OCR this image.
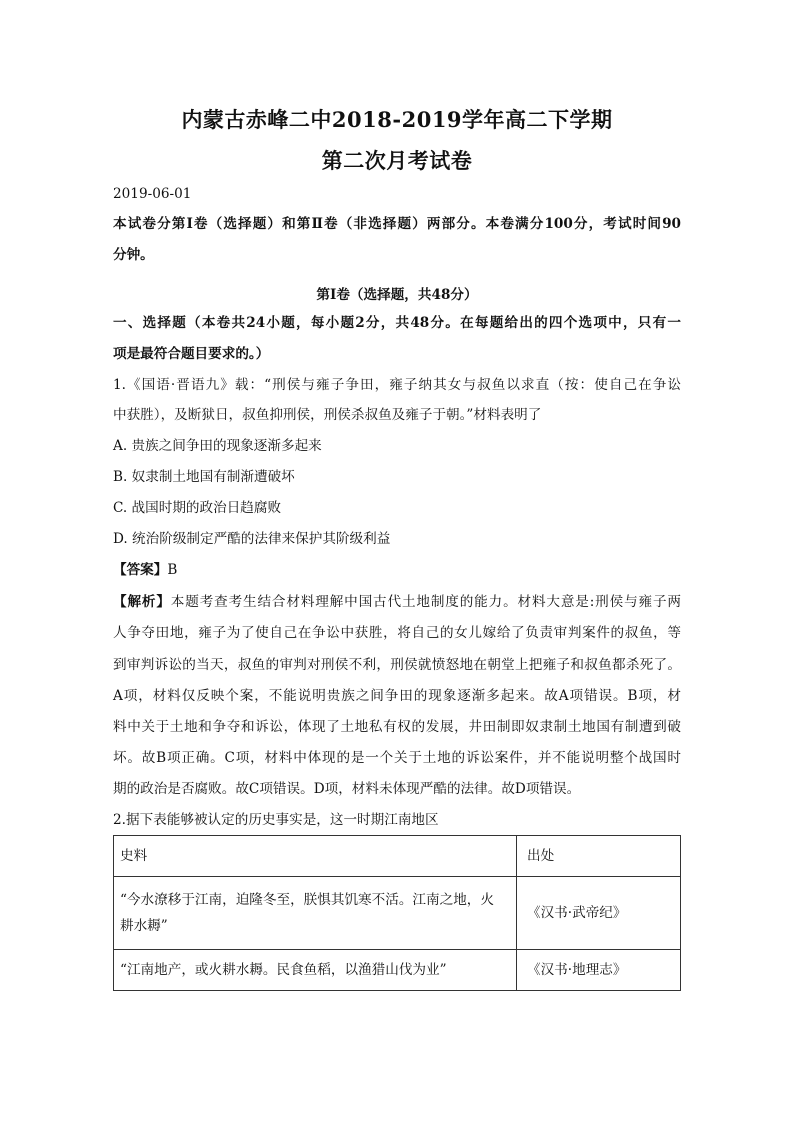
内蒙古赤峰二中2018-2019学年高二下学期
第二次月考试卷
2019-06-01
本试卷分第Ⅰ卷（选择题）和第Ⅱ卷（非选择题）两部分。本卷满分100分，考试时间90
分钟。
第Ⅰ卷（选择题，共48分）
一、选择题（本卷共24小题，每小题2分，共48分。在每题给出的四个选项中，只有一
项是最符合题目要求的。）
1.《国语·晋语九》载：“刑侯与雍子争田，雍子纳其女与叔鱼以求直（按：使自己在争讼
中获胜），及断狱日，叔鱼抑刑侯，刑侯杀叔鱼及雍子于朝。”材料表明了
A. 贵族之间争田的现象逐渐多起来
B. 奴隶制土地国有制渐遭破坏
C. 战国时期的政治日趋腐败
D. 统治阶级制定严酷的法律来保护其阶级利益
【答案】B
【解析】本题考查考生结合材料理解中国古代土地制度的能力。材料大意是:刑侯与雍子两
人争夺田地，雍子为了使自己在争讼中获胜，将自己的女儿嫁给了负责审判案件的叔鱼，等
到审判诉讼的当天，叔鱼的审判对刑侯不利，刑侯就愤怒地在朝堂上把雍子和叔鱼都杀死了。
A项，材料仅反映个案，不能说明贵族之间争田的现象逐渐多起来。故A项错误。B项，材
料中关于土地和争夺和诉讼，体现了土地私有权的发展，井田制即奴隶制土地国有制遭到破
坏。故B项正确。C项，材料中体现的是一个关于土地的诉讼案件，并不能说明整个战国时
期的政治是否腐败。故C项错误。D项，材料未体现严酷的法律。故D项错误。
2.据下表能够被认定的历史事实是，这一时期江南地区
史料	出处

“今水潦移于江南，迫隆冬至，朕惧其饥寒不活。江南之地，火
耕水耨”	《汉书·武帝纪》

“江南地产，或火耕水耨。民食鱼稻，以渔猎山伐为业”	《汉书·地理志》
